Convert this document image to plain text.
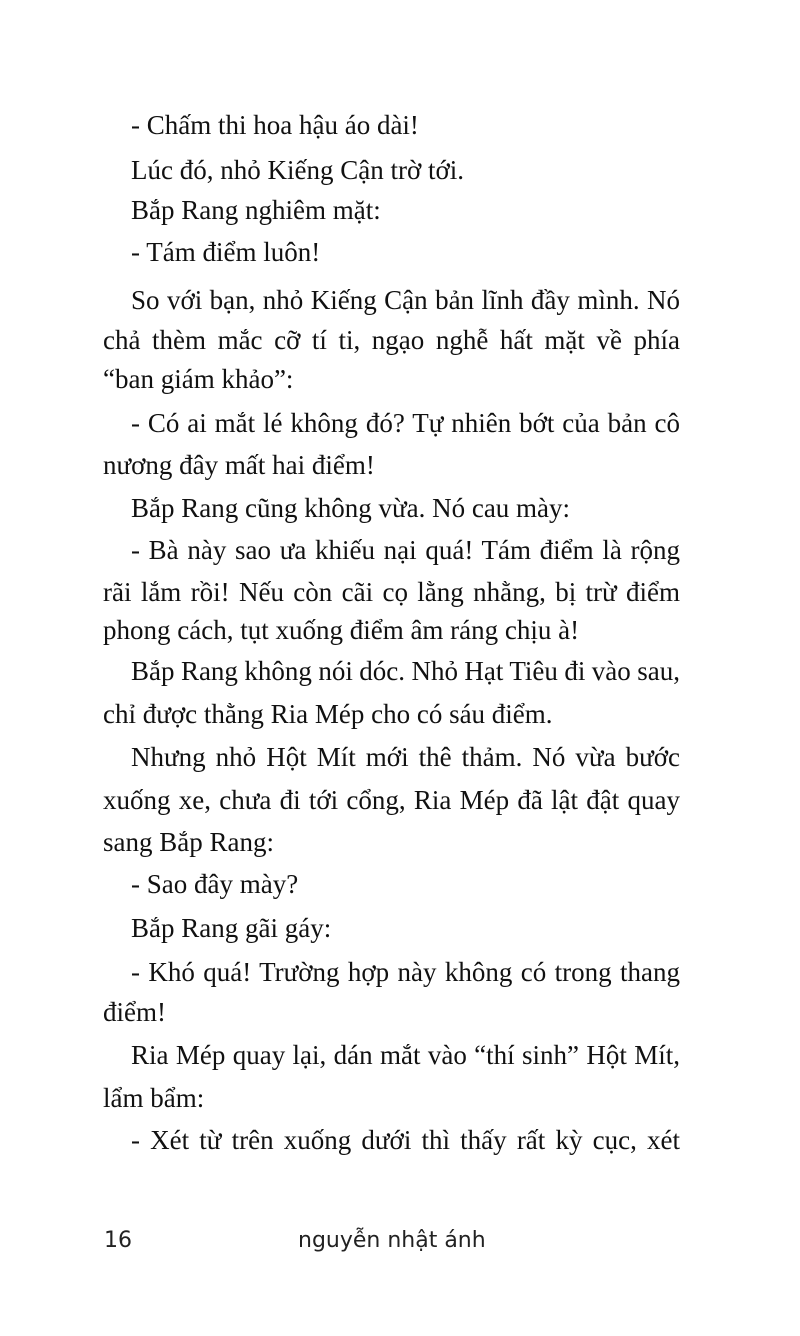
- Chấm thi hoa hậu áo dài!
Lúc đó, nhỏ Kiếng Cận trờ tới.
Bắp Rang nghiêm mặt:
- Tám điểm luôn!
So với bạn, nhỏ Kiếng Cận bản lĩnh đầy mình. Nó
chả thèm mắc cỡ tí ti, ngạo nghễ hất mặt về phía
“ban giám khảo”:
- Có ai mắt lé không đó? Tự nhiên bớt của bản cô
nương đây mất hai điểm!
Bắp Rang cũng không vừa. Nó cau mày:
- Bà này sao ưa khiếu nại quá! Tám điểm là rộng
rãi lắm rồi! Nếu còn cãi cọ lằng nhằng, bị trừ điểm
phong cách, tụt xuống điểm âm ráng chịu à!
Bắp Rang không nói dóc. Nhỏ Hạt Tiêu đi vào sau,
chỉ được thằng Ria Mép cho có sáu điểm.
Nhưng nhỏ Hột Mít mới thê thảm. Nó vừa bước
xuống xe, chưa đi tới cổng, Ria Mép đã lật đật quay
sang Bắp Rang:
- Sao đây mày?
Bắp Rang gãi gáy:
- Khó quá! Trường hợp này không có trong thang
điểm!
Ria Mép quay lại, dán mắt vào “thí sinh” Hột Mít,
lẩm bẩm:
- Xét từ trên xuống dưới thì thấy rất kỳ cục, xét
16	nguyễn nhật ánh
